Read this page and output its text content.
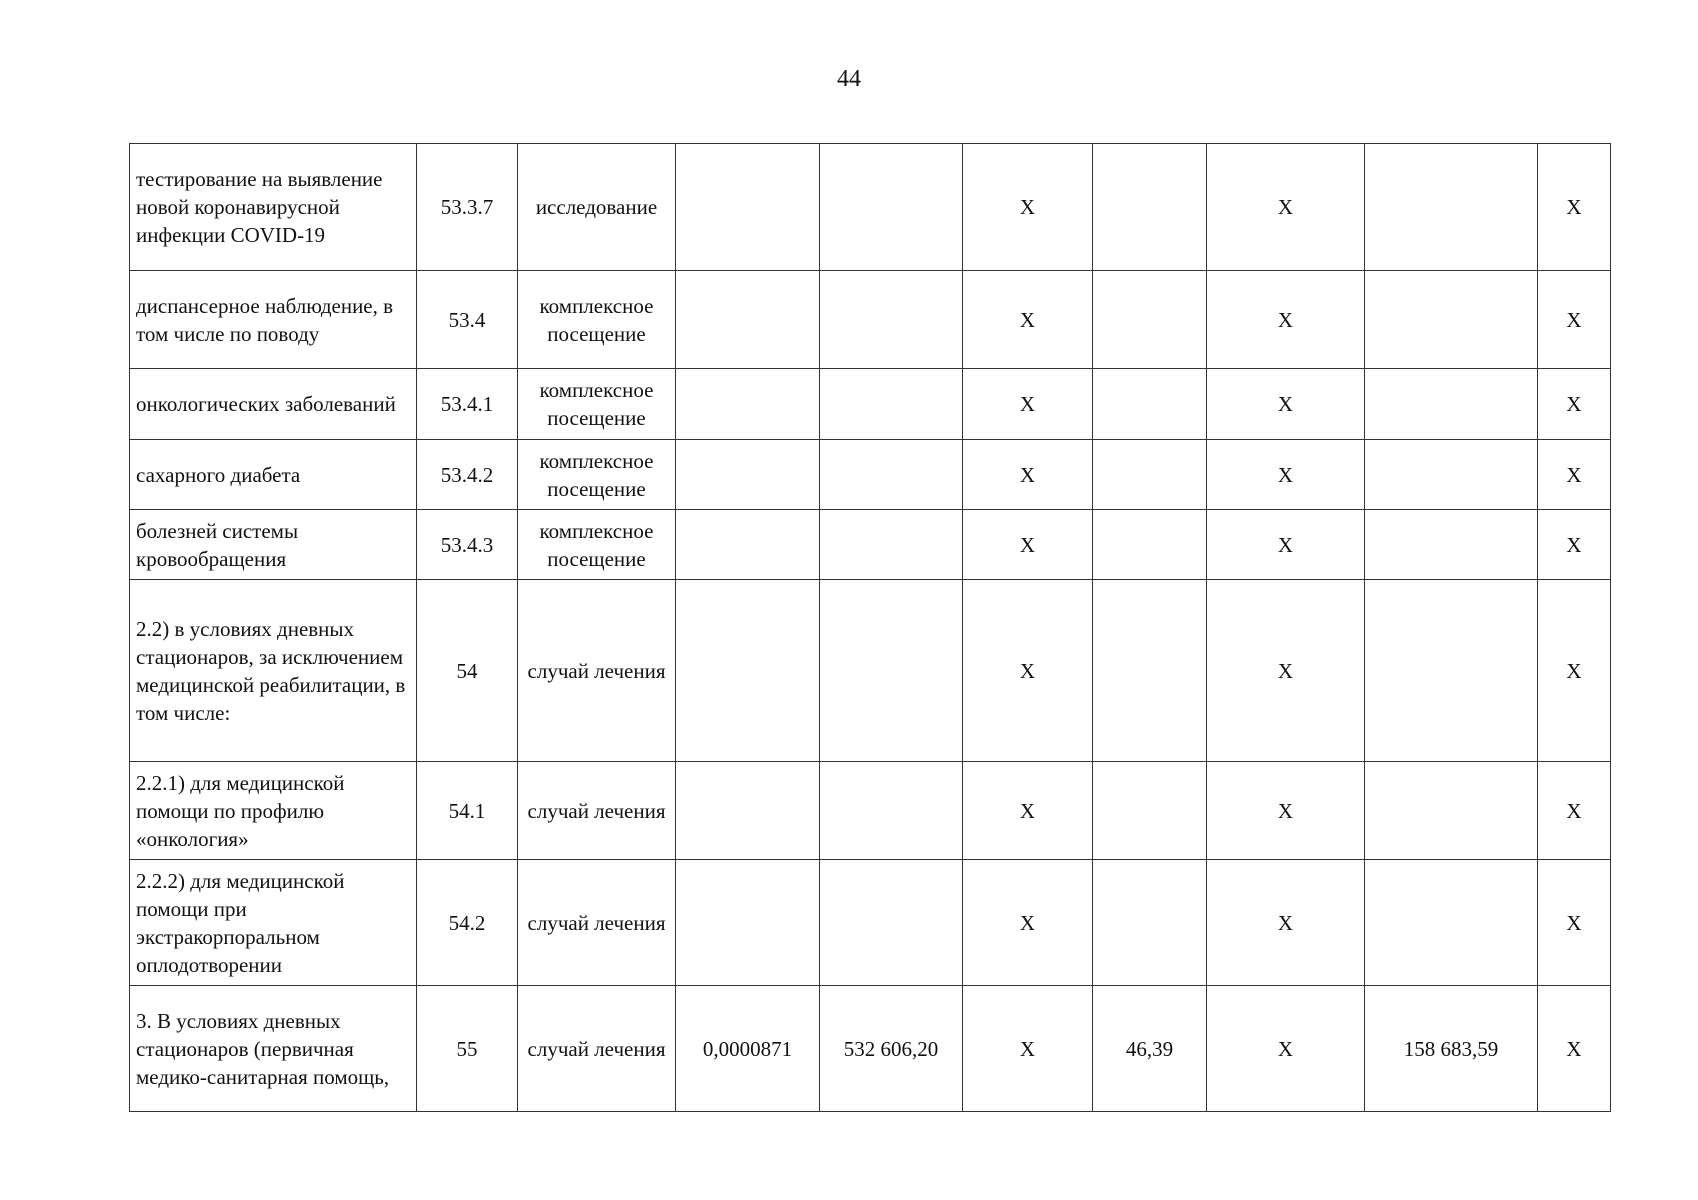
44
тестирование на выявление новой коронавирусной инфекции COVID-19	53.3.7	исследование			X		X		X
диспансерное наблюдение, в том числе по поводу	53.4	комплексное посещение			X		X		X
онкологических заболеваний	53.4.1	комплексное посещение			X		X		X
сахарного диабета	53.4.2	комплексное посещение			X		X		X
болезней системы кровообращения	53.4.3	комплексное посещение			X		X		X
2.2) в условиях дневных стационаров, за исключением медицинской реабилитации, в том числе:	54	случай лечения			X		X		X
2.2.1) для медицинской помощи по профилю «онкология»	54.1	случай лечения			X		X		X
2.2.2) для медицинской помощи при экстракорпоральном оплодотворении	54.2	случай лечения			X		X		X
3. В условиях дневных стационаров (первичная медико-санитарная помощь,	55	случай лечения	0,0000871	532 606,20	X	46,39	X	158 683,59	X
